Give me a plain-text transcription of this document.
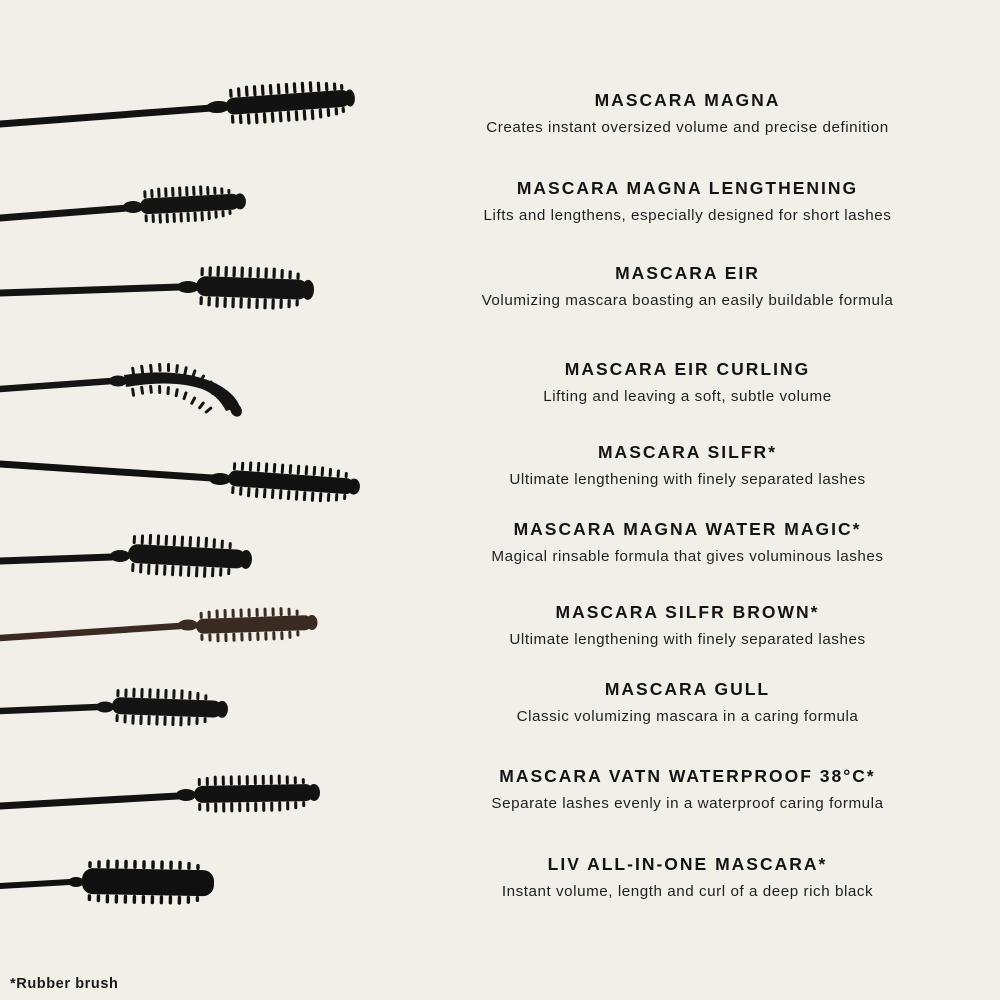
MASCARA MAGNA
Creates instant oversized volume and precise definition
MASCARA MAGNA LENGTHENING
Lifts and lengthens, especially designed for short lashes
MASCARA EIR
Volumizing mascara boasting an easily buildable formula
MASCARA EIR CURLING
Lifting and leaving a soft, subtle volume
MASCARA SILFR*
Ultimate lengthening with finely separated lashes
MASCARA MAGNA WATER MAGIC*
Magical rinsable formula that gives voluminous lashes
MASCARA SILFR BROWN*
Ultimate lengthening with finely separated lashes
MASCARA GULL
Classic volumizing mascara in a caring formula
MASCARA VATN WATERPROOF 38°C*
Separate lashes evenly in a waterproof caring formula
LIV ALL-IN-ONE MASCARA*
Instant volume, length and curl of a deep rich black
*Rubber brush
